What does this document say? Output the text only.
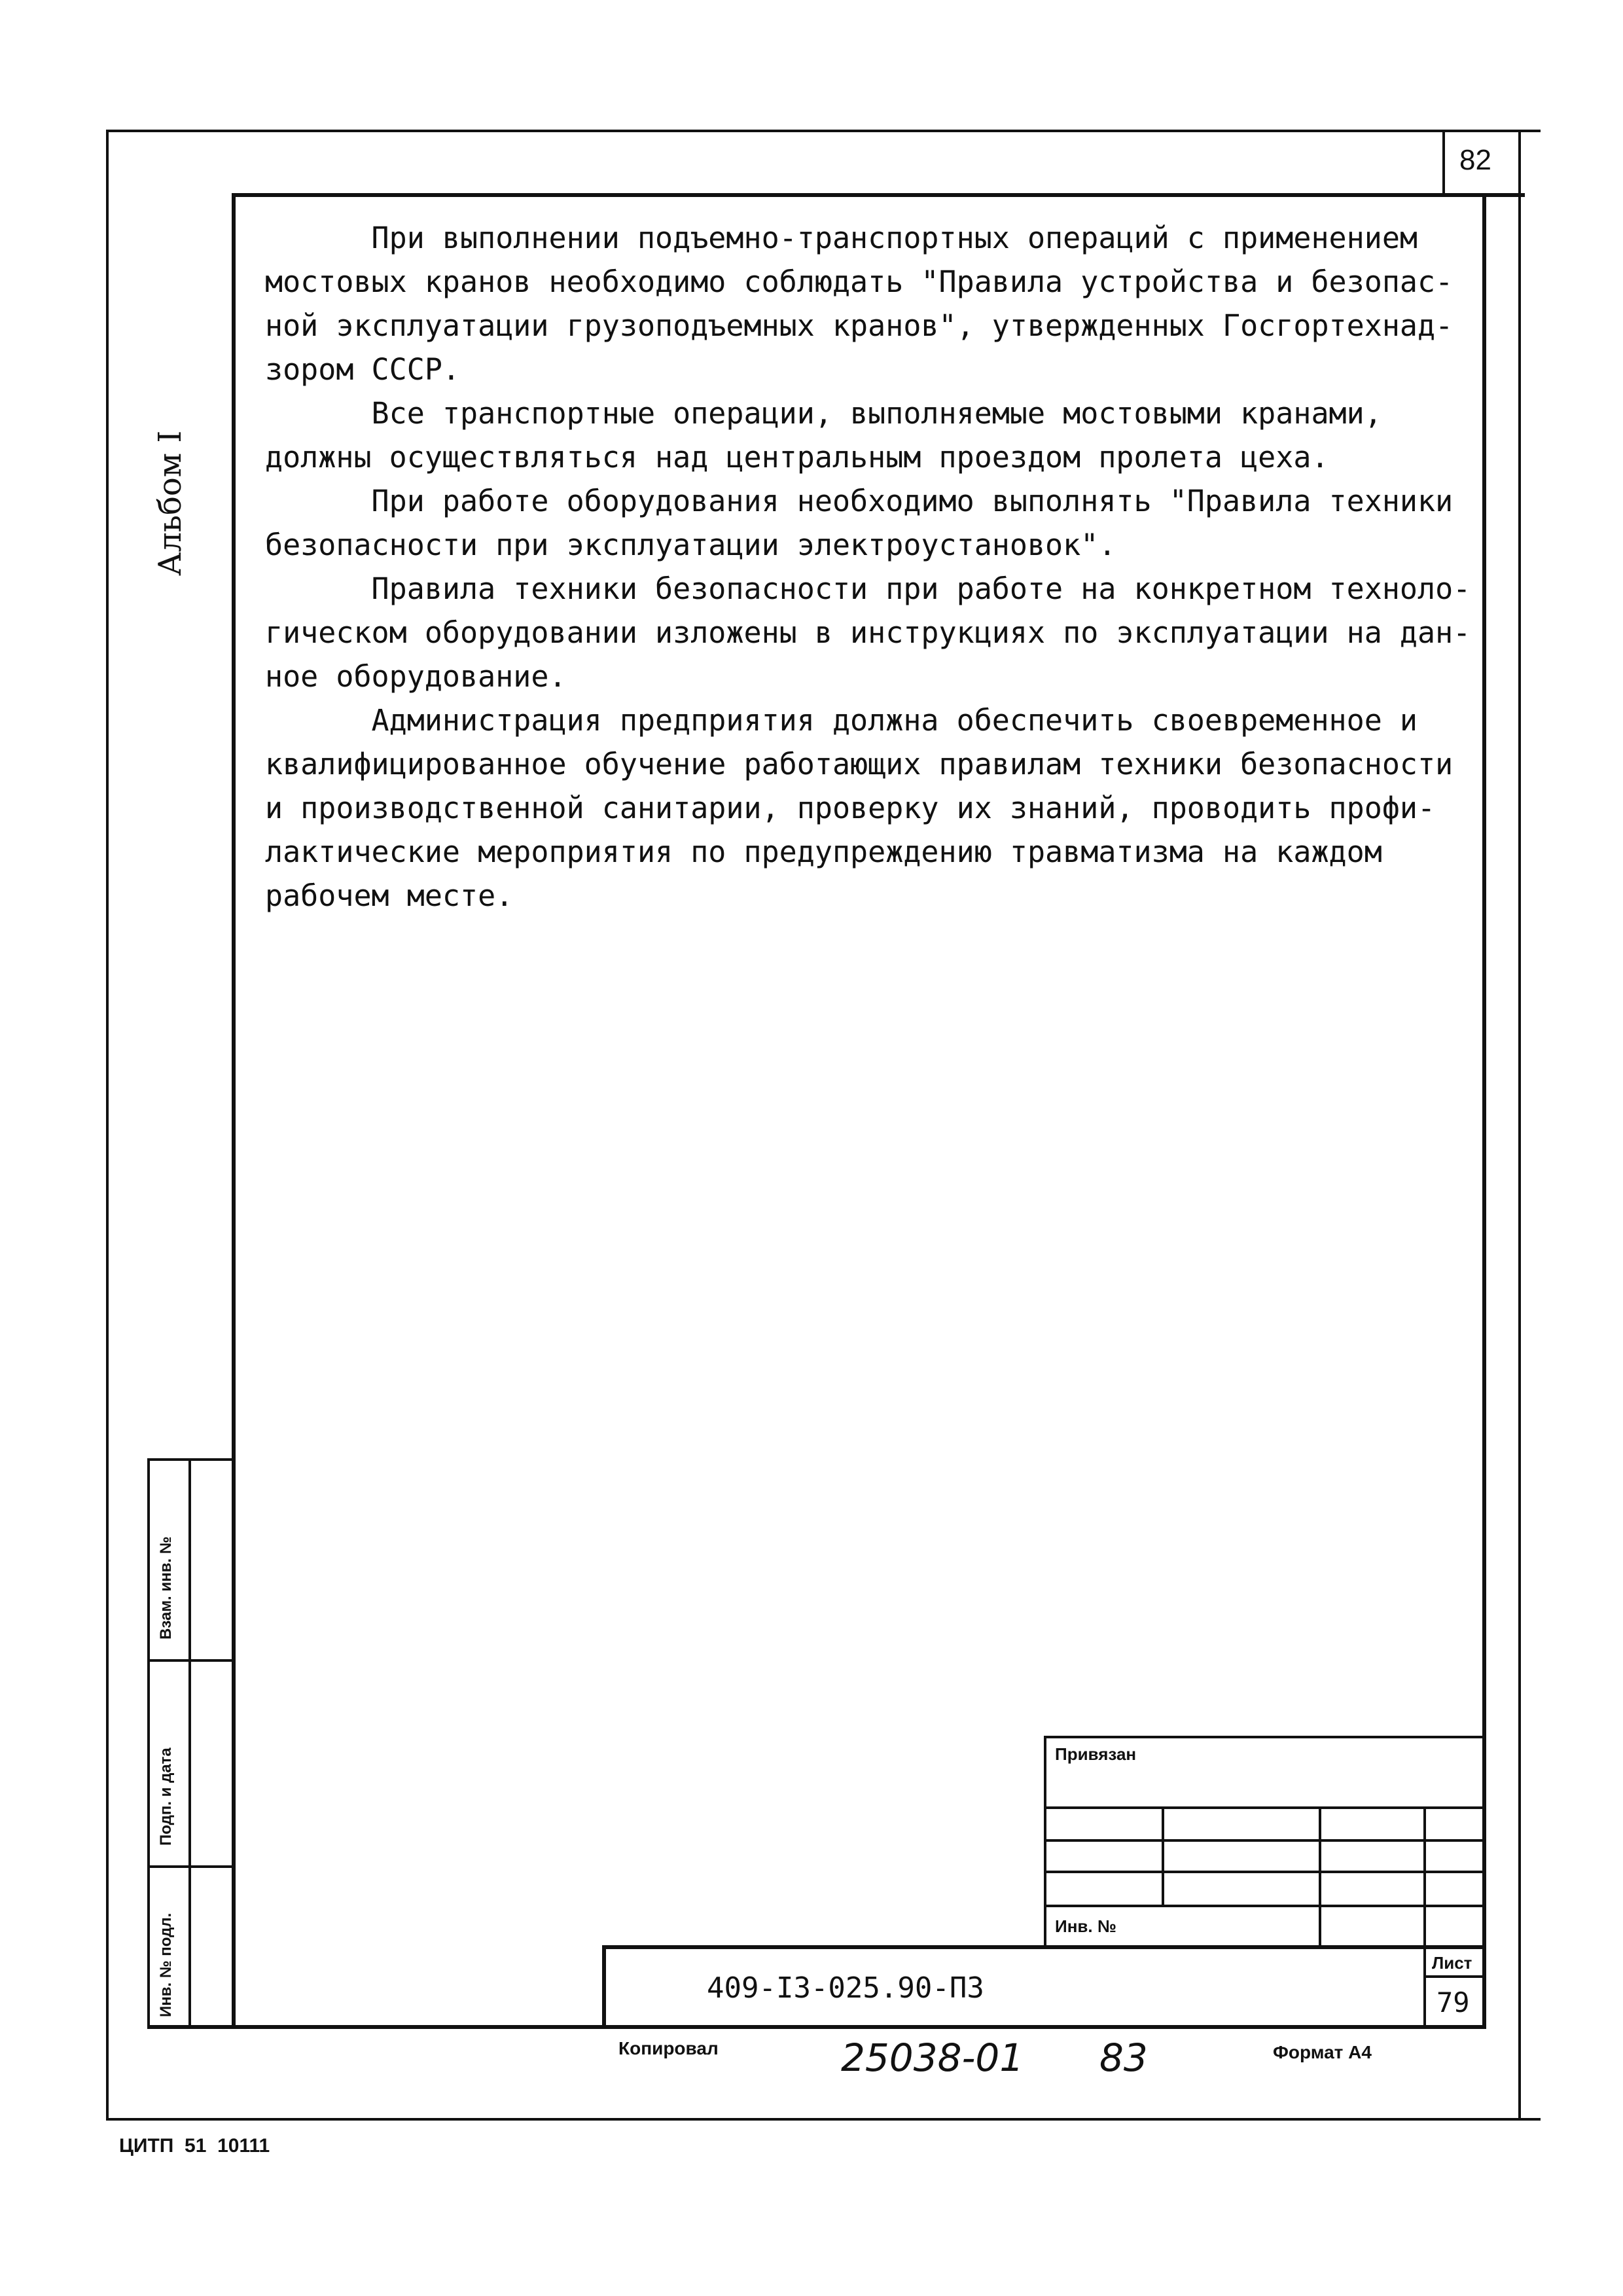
82
Альбом I
При выполнении подъемно-транспортных операций с применением
мостовых кранов необходимо соблюдать "Правила устройства и безопас-
ной эксплуатации грузоподъемных кранов", утвержденных Госгортехнад-
зором СССР.
Все транспортные операции, выполняемые мостовыми кранами,
должны осуществляться над центральным проездом пролета цеха.
При работе оборудования необходимо выполнять "Правила техники
безопасности при эксплуатации электроустановок".
Правила техники безопасности при работе на конкретном техноло-
гическом оборудовании изложены в инструкциях по эксплуатации на дан-
ное оборудование.
Администрация предприятия должна обеспечить своевременное и
квалифицированное обучение работающих правилам техники безопасности
и производственной санитарии, проверку их знаний, проводить профи-
лактические мероприятия по предупреждению травматизма на каждом
рабочем месте.
Взам. инв. №
Подп. и дата
Инв. № подл.
Привязан
Инв. №
409-I3-025.90-ПЗ
Лист
79
Копировал	25038-01 83	Формат А4
ЦИТП  51  10111
